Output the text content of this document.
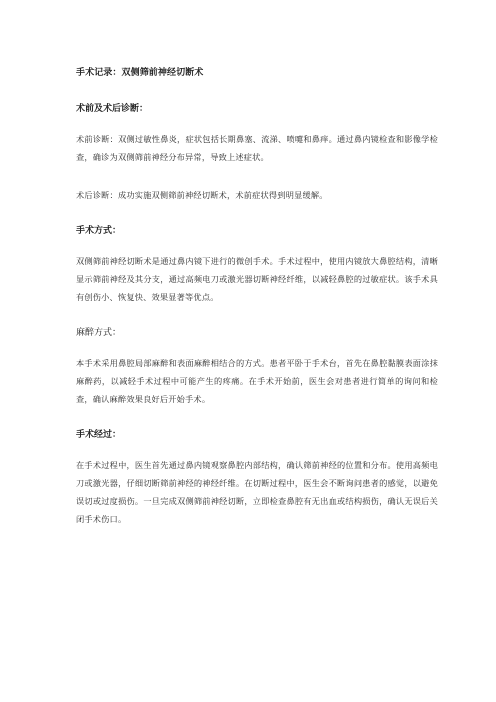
手术记录：双侧筛前神经切断术
术前及术后诊断：
术前诊断：双侧过敏性鼻炎，症状包括长期鼻塞、流涕、喷嚏和鼻痒。通过鼻内镜检查和影像学检查，确诊为双侧筛前神经分布异常，导致上述症状。
术后诊断：成功实施双侧筛前神经切断术，术前症状得到明显缓解。
手术方式：
双侧筛前神经切断术是通过鼻内镜下进行的微创手术。手术过程中，使用内镜放大鼻腔结构，清晰显示筛前神经及其分支，通过高频电刀或激光器切断神经纤维，以减轻鼻腔的过敏症状。该手术具有创伤小、恢复快、效果显著等优点。
麻醉方式：
本手术采用鼻腔局部麻醉和表面麻醉相结合的方式。患者平卧于手术台，首先在鼻腔黏膜表面涂抹麻醉药，以减轻手术过程中可能产生的疼痛。在手术开始前，医生会对患者进行简单的询问和检查，确认麻醉效果良好后开始手术。
手术经过：
在手术过程中，医生首先通过鼻内镜观察鼻腔内部结构，确认筛前神经的位置和分布。使用高频电刀或激光器，仔细切断筛前神经的神经纤维。在切断过程中，医生会不断询问患者的感觉，以避免误切或过度损伤。一旦完成双侧筛前神经切断，立即检查鼻腔有无出血或结构损伤，确认无误后关闭手术伤口。
